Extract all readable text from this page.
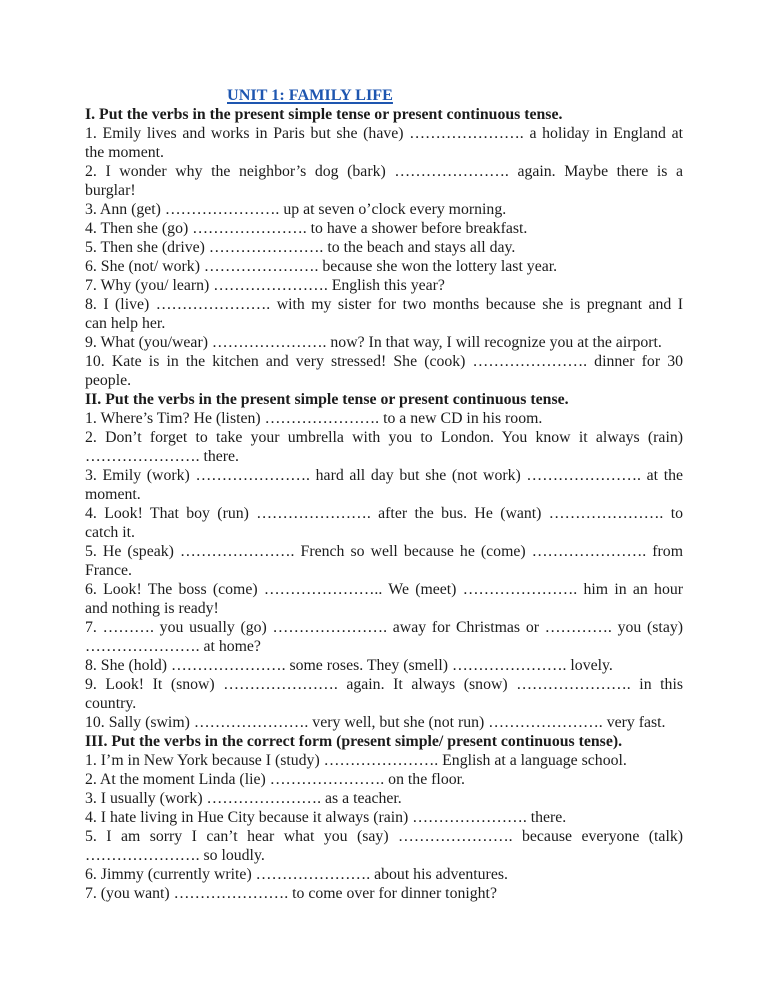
UNIT 1: FAMILY LIFE
I. Put the verbs in the present simple tense or present continuous tense.
1. Emily lives and works in Paris but she (have) …………………. a holiday in England at
the moment.
2. I wonder why the neighbor’s dog (bark) …………………. again. Maybe there is a
burglar!
3. Ann (get) …………………. up at seven o’clock every morning.
4. Then she (go) …………………. to have a shower before breakfast.
5. Then she (drive) …………………. to the beach and stays all day.
6. She (not/ work) …………………. because she won the lottery last year.
7. Why (you/ learn) …………………. English this year?
8. I (live) …………………. with my sister for two months because she is pregnant and I
can help her.
9. What (you/wear) …………………. now? In that way, I will recognize you at the airport.
10. Kate is in the kitchen and very stressed! She (cook) …………………. dinner for 30
people.
II. Put the verbs in the present simple tense or present continuous tense.
1. Where’s Tim? He (listen) …………………. to a new CD in his room.
2. Don’t forget to take your umbrella with you to London. You know it always (rain)
…………………. there.
3. Emily (work) …………………. hard all day but she (not work) …………………. at the
moment.
4. Look! That boy (run) …………………. after the bus. He (want) …………………. to
catch it.
5. He (speak) …………………. French so well because he (come) …………………. from
France.
6. Look! The boss (come) ………………….. We (meet) …………………. him in an hour
and nothing is ready!
7. ………. you usually (go) …………………. away for Christmas or …………. you (stay)
…………………. at home?
8. She (hold) …………………. some roses. They (smell) …………………. lovely.
9. Look! It (snow) …………………. again. It always (snow) …………………. in this
country.
10. Sally (swim) …………………. very well, but she (not run) …………………. very fast.
III. Put the verbs in the correct form (present simple/ present continuous tense).
1. I’m in New York because I (study) …………………. English at a language school.
2. At the moment Linda (lie) …………………. on the floor.
3. I usually (work) …………………. as a teacher.
4. I hate living in Hue City because it always (rain) …………………. there.
5. I am sorry I can’t hear what you (say) …………………. because everyone (talk)
…………………. so loudly.
6. Jimmy (currently write) …………………. about his adventures.
7. (you want) …………………. to come over for dinner tonight?
